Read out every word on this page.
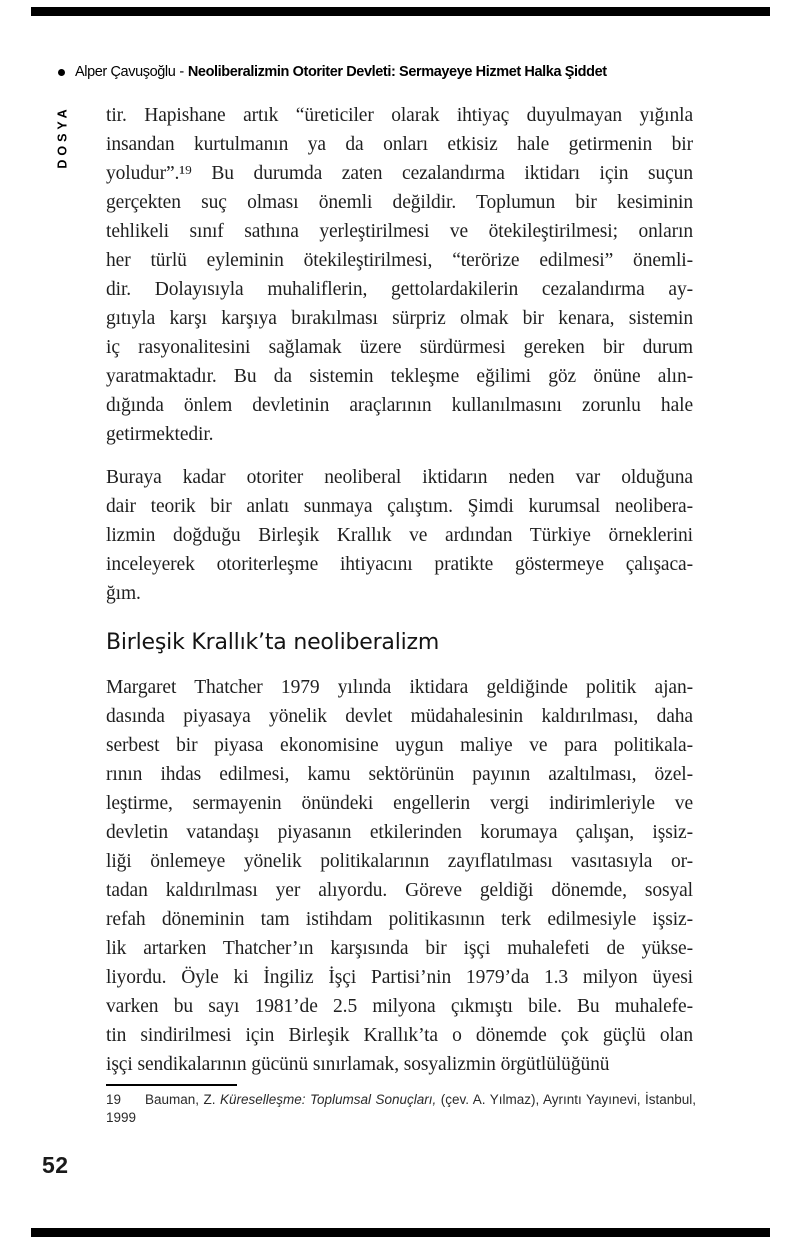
Alper Çavuşoğlu - Neoliberalizmin Otoriter Devleti: Sermayeye Hizmet Halka Şiddet
DOSYA tir. Hapishane artık “üreticiler olarak ihtiyaç duyulmayan yığınla
insandan kurtulmanın ya da onları etkisiz hale getirmenin bir
yoludur”.¹⁹ Bu durumda zaten cezalandırma iktidarı için suçun
gerçekten suç olması önemli değildir. Toplumun bir kesiminin
tehlikeli sınıf sathına yerleştirilmesi ve ötekileştirilmesi; onların
her türlü eyleminin ötekileştirilmesi, “terörize edilmesi” önemli-
dir. Dolayısıyla muhaliflerin, gettolardakilerin cezalandırma ay-
gıtıyla karşı karşıya bırakılması sürpriz olmak bir kenara, sistemin
iç rasyonalitesini sağlamak üzere sürdürmesi gereken bir durum
yaratmaktadır. Bu da sistemin tekleşme eğilimi göz önüne alın-
dığında önlem devletinin araçlarının kullanılmasını zorunlu hale
getirmektedir.
Buraya kadar otoriter neoliberal iktidarın neden var olduğuna
dair teorik bir anlatı sunmaya çalıştım. Şimdi kurumsal neolibera-
lizmin doğduğu Birleşik Krallık ve ardından Türkiye örneklerini
inceleyerek otoriterleşme ihtiyacını pratikte göstermeye çalışaca-
ğım.
Birleşik Krallık’ta neoliberalizm
Margaret Thatcher 1979 yılında iktidara geldiğinde politik ajan-
dasında piyasaya yönelik devlet müdahalesinin kaldırılması, daha
serbest bir piyasa ekonomisine uygun maliye ve para politikala-
rının ihdas edilmesi, kamu sektörünün payının azaltılması, özel-
leştirme, sermayenin önündeki engellerin vergi indirimleriyle ve
devletin vatandaşı piyasanın etkilerinden korumaya çalışan, işsiz-
liği önlemeye yönelik politikalarının zayıflatılması vasıtasıyla or-
tadan kaldırılması yer alıyordu. Göreve geldiği dönemde, sosyal
refah döneminin tam istihdam politikasının terk edilmesiyle işsiz-
lik artarken Thatcher’ın karşısında bir işçi muhalefeti de yükse-
liyordu. Öyle ki İngiliz İşçi Partisi’nin 1979’da 1.3 milyon üyesi
varken bu sayı 1981’de 2.5 milyona çıkmıştı bile. Bu muhalefe-
tin sindirilmesi için Birleşik Krallık’ta o dönemde çok güçlü olan
işçi sendikalarının gücünü sınırlamak, sosyalizmin örgütlülüğünü
19 Bauman, Z. Küreselleşme: Toplumsal Sonuçları, (çev. A. Yılmaz), Ayrıntı Yayınevi, İstanbul, 1999
52
